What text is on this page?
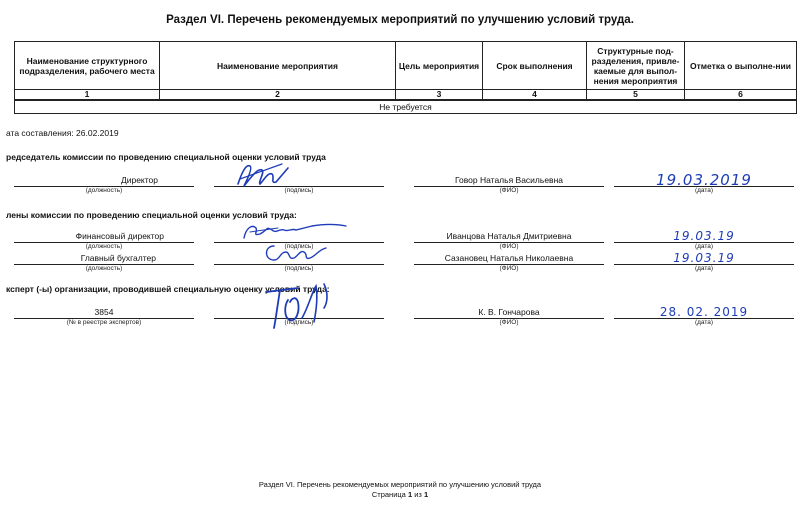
Раздел VI. Перечень рекомендуемых мероприятий по улучшению условий труда.
Наименование структурного подразделения, рабочего места	Наименование мероприятия	Цель мероприятия	Срок выполнения	Структурные под-разделения, привле-каемые для выпол-нения мероприятия	Отметка о выполне-нии
1	2	3	4	5	6
Не требуется					
ата составления: 26.02.2019
редседатель комиссии по проведению специальной оценки условий труда
Директор
(должность)	(подпись)
Говор Наталья Васильевна
(ФИО)
19.03.2019
(дата)
лены комиссии по проведению специальной оценки условий труда:
Финансовый директор
(должность)	(подпись)
Иванцова Наталья Дмитриевна
(ФИО)
19.03.19
(дата)
Главный бухгалтер
(должность)	(подпись)
Сазановец Наталья Николаевна
(ФИО)
19.03.19
(дата)
ксперт (-ы) организации, проводившей специальную оценку условий труда:
3854
(№ в реестре экспертов)	(подпись)
К. В. Гончарова
(ФИО)
28. 02. 2019
(дата)
Раздел VI. Перечень рекомендуемых мероприятий по улучшению условий труда
Страница 1 из 1
